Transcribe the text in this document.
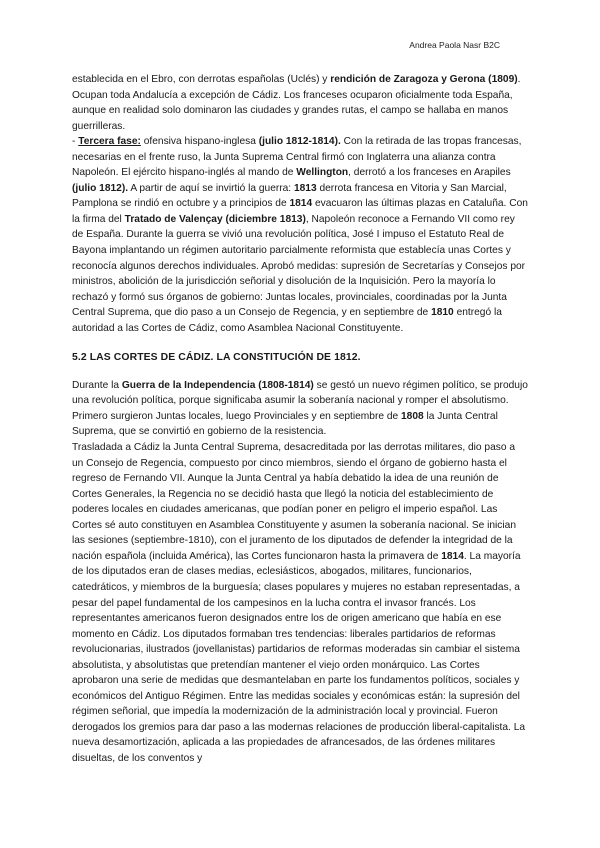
Andrea Paola Nasr B2C

establecida en el Ebro, con derrotas españolas (Uclés) y rendición de Zaragoza y Gerona (1809). Ocupan toda Andalucía a excepción de Cádiz. Los franceses ocuparon oficialmente toda España, aunque en realidad solo dominaron las ciudades y grandes rutas, el campo se hallaba en manos guerrilleras.

- Tercera fase: ofensiva hispano-inglesa (julio 1812-1814). Con la retirada de las tropas francesas, necesarias en el frente ruso, la Junta Suprema Central firmó con Inglaterra una alianza contra Napoleón. El ejército hispano-inglés al mando de Wellington, derrotó a los franceses en Arapiles (julio 1812). A partir de aquí se invirtió la guerra: 1813 derrota francesa en Vitoria y San Marcial, Pamplona se rindió en octubre y a principios de 1814 evacuaron las últimas plazas en Cataluña. Con la firma del Tratado de Valençay (diciembre 1813), Napoleón reconoce a Fernando VII como rey de España. Durante la guerra se vivió una revolución política, José I impuso el Estatuto Real de Bayona implantando un régimen autoritario parcialmente reformista que establecía unas Cortes y reconocía algunos derechos individuales. Aprobó medidas: supresión de Secretarías y Consejos por ministros, abolición de la jurisdicción señorial y disolución de la Inquisición. Pero la mayoría lo rechazó y formó sus órganos de gobierno: Juntas locales, provinciales, coordinadas por la Junta Central Suprema, que dio paso a un Consejo de Regencia, y en septiembre de 1810 entregó la autoridad a las Cortes de Cádiz, como Asamblea Nacional Constituyente.

5.2 LAS CORTES DE CÁDIZ. LA CONSTITUCIÓN DE 1812.

Durante la Guerra de la Independencia (1808-1814) se gestó un nuevo régimen político, se produjo una revolución política, porque significaba asumir la soberanía nacional y romper el absolutismo. Primero surgieron Juntas locales, luego Provinciales y en septiembre de 1808 la Junta Central Suprema, que se convirtió en gobierno de la resistencia.

Trasladada a Cádiz la Junta Central Suprema, desacreditada por las derrotas militares, dio paso a un Consejo de Regencia, compuesto por cinco miembros, siendo el órgano de gobierno hasta el regreso de Fernando VII. Aunque la Junta Central ya había debatido la idea de una reunión de Cortes Generales, la Regencia no se decidió hasta que llegó la noticia del establecimiento de poderes locales en ciudades americanas, que podían poner en peligro el imperio español. Las Cortes sé auto constituyen en Asamblea Constituyente y asumen la soberanía nacional. Se inician las sesiones (septiembre-1810), con el juramento de los diputados de defender la integridad de la nación española (incluida América), las Cortes funcionaron hasta la primavera de 1814. La mayoría de los diputados eran de clases medias, eclesiásticos, abogados, militares, funcionarios, catedráticos, y miembros de la burguesía; clases populares y mujeres no estaban representadas, a pesar del papel fundamental de los campesinos en la lucha contra el invasor francés. Los representantes americanos fueron designados entre los de origen americano que había en ese momento en Cádiz. Los diputados formaban tres tendencias: liberales partidarios de reformas revolucionarias, ilustrados (jovellanistas) partidarios de reformas moderadas sin cambiar el sistema absolutista, y absolutistas que pretendían mantener el viejo orden monárquico. Las Cortes aprobaron una serie de medidas que desmantelaban en parte los fundamentos políticos, sociales y económicos del Antiguo Régimen. Entre las medidas sociales y económicas están: la supresión del régimen señorial, que impedía la modernización de la administración local y provincial. Fueron derogados los gremios para dar paso a las modernas relaciones de producción liberal-capitalista. La nueva desamortización, aplicada a las propiedades de afrancesados, de las órdenes militares disueltas, de los conventos y
